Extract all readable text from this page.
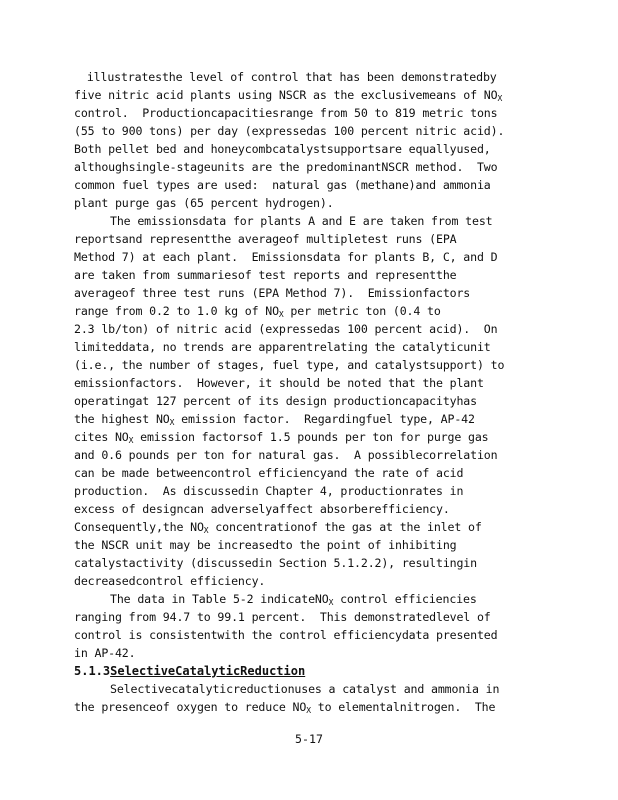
illustratesthe level of control that has been demonstratedby
five nitric acid plants using NSCR as the exclusivemeans of $NO_X$
control.  Productioncapacitiesrange from 50 to 819 metric tons
(55 to 900 tons) per day (expressedas 100 percent nitric acid).
Both pellet bed and honeycombcatalystsupportsare equallyused,
althoughsingle-stageunits are the predominantNSCR method.  Two
common fuel types are used:  natural gas (methane)and ammonia
plant purge gas (65 percent hydrogen).
The emissionsdata for plants A and E are taken from test
reportsand representthe averageof multipletest runs (EPA
Method 7) at each plant.  Emissionsdata for plants B, C, and D
are taken from summariesof test reports and representthe
averageof three test runs (EPA Method 7).  Emissionfactors
range from 0.2 to 1.0 kg of $NO_X$ per metric ton (0.4 to
2.3 lb/ton) of nitric acid (expressedas 100 percent acid).  On
limiteddata, no trends are apparentrelating the catalyticunit
(i.e., the number of stages, fuel type, and catalystsupport) to
emissionfactors.  However, it should be noted that the plant
operatingat 127 percent of its design productioncapacityhas
the highest $NO_X$ emission factor.  Regardingfuel type, AP-42
cites $NO_X$ emission factorsof 1.5 pounds per ton for purge gas
and 0.6 pounds per ton for natural gas.  A possiblecorrelation
can be made betweencontrol efficiencyand the rate of acid
production.  As discussedin Chapter 4, productionrates in
excess of designcan adverselyaffect absorberefficiency.
Consequently,the $NO_X$ concentrationof the gas at the inlet of
the NSCR unit may be increasedto the point of inhibiting
catalystactivity (discussedin Section 5.1.2.2), resultingin
decreasedcontrol efficiency.
The data in Table 5-2 indicateNO$_X$ control efficiencies
ranging from 94.7 to 99.1 percent.  This demonstratedlevel of
control is consistentwith the control efficiencydata presented
in AP-42.
5.1.3SelectiveCatalyticReduction
Selectivecatalyticreductionuses a catalyst and ammonia in
the presenceof oxygen to reduce $NO_X$ to elementalnitrogen.  The
5-17
